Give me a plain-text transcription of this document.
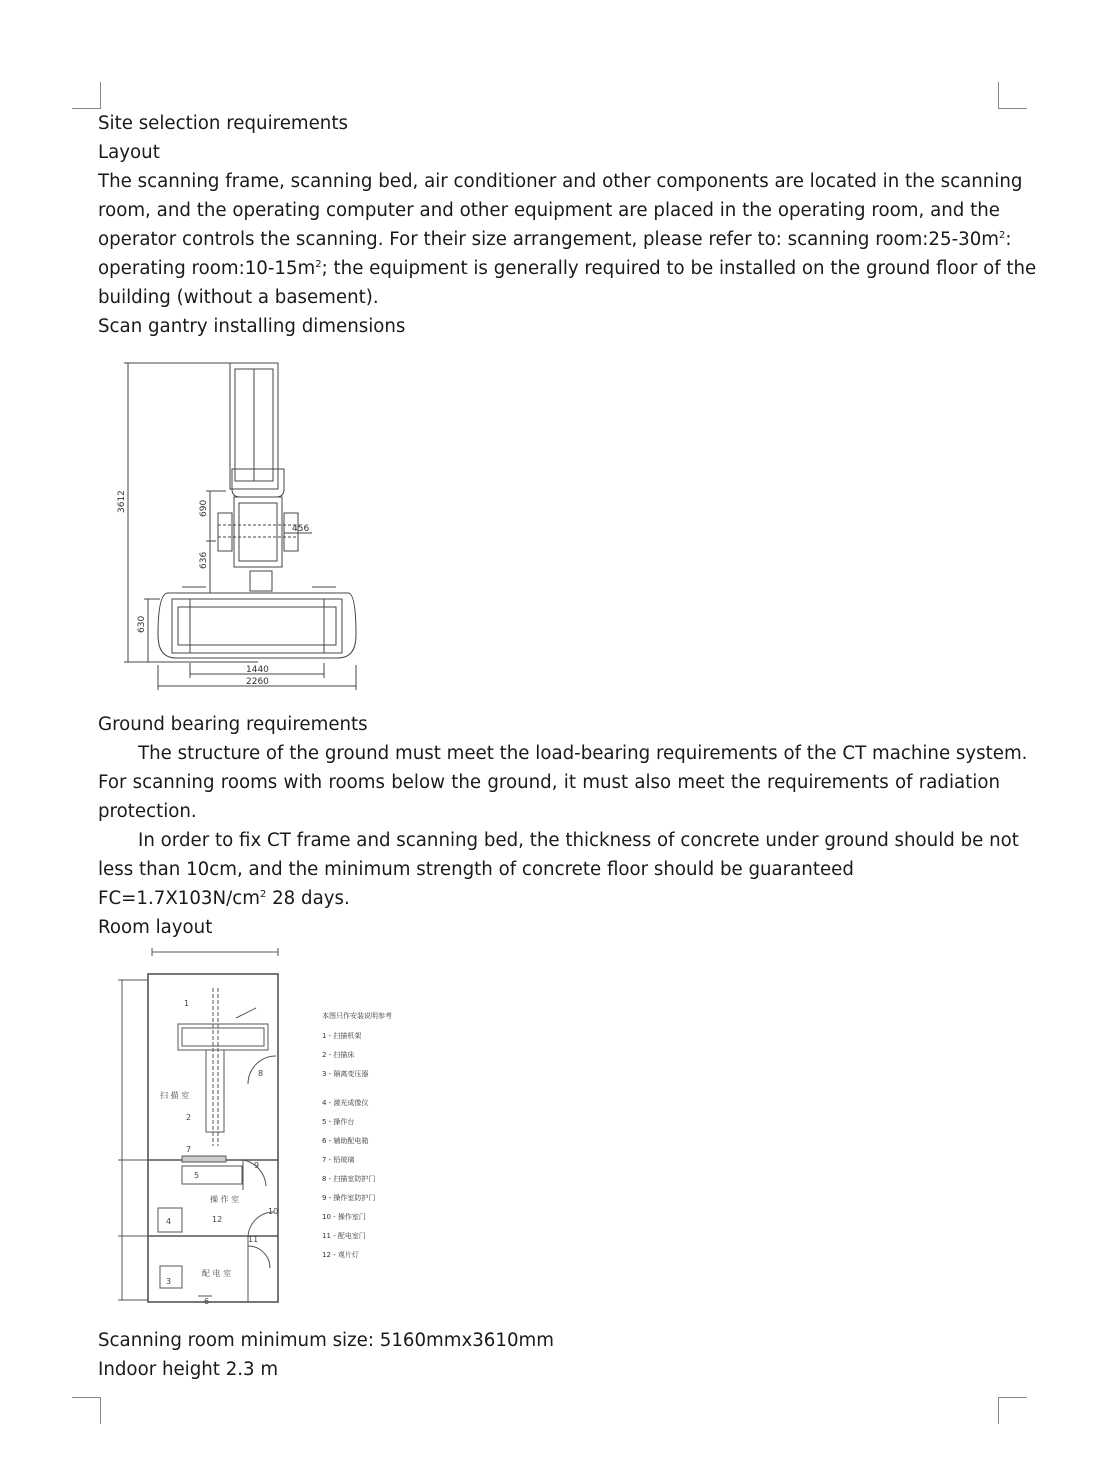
Site selection requirements
Layout
The scanning frame, scanning bed, air conditioner and other components are located in the scanning
room, and the operating computer and other equipment are placed in the operating room, and the
operator controls the scanning. For their size arrangement, please refer to: scanning $room:25-30m^2$:
operating $room:10-15m^2$; the equipment is generally required to be installed on the ground floor of the
building (without a basement).
Scan gantry installing dimensions
3612	690
636
630
456
1440
2260
Ground bearing requirements
The structure of the ground must meet the load-bearing requirements of the CT machine system.
For scanning rooms with rooms below the ground, it must also meet the requirements of radiation
protection.
In order to fix CT frame and scanning bed, the thickness of concrete under ground should be not
less than 10cm, and the minimum strength of concrete floor should be guaranteed
$FC=1.7X103N/cm^2$ 28 days.
Room layout
1
2
3
4
5
6
7
8
9
10
11
12
扫 描 室
操 作 室
配 电 室
本图只作安装说明参考
1 - 扫描机架
2 - 扫描床
3 - 隔离变压器
4 - 激光成像仪
5 - 操作台
6 - 辅助配电箱
7 - 铅玻璃
8 - 扫描室防护门
9 - 操作室防护门
10 - 操作室门
11 - 配电室门
12 - 观片灯
Scanning room minimum size: 5160mmx3610mm
Indoor height 2.3 m
